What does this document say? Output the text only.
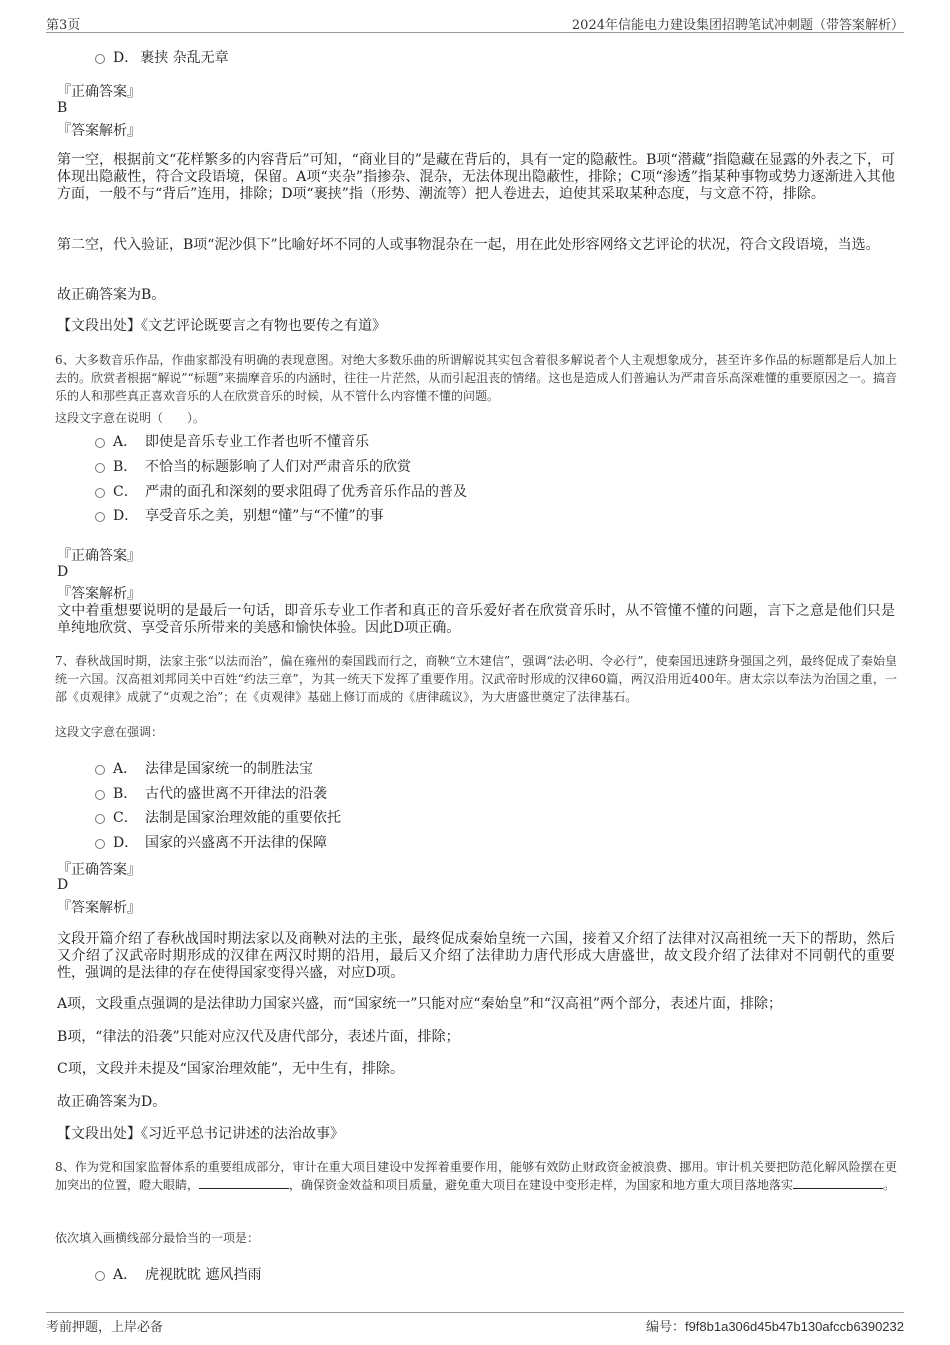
第3页	2024年信能电力建设集团招聘笔试冲刺题（带答案解析）
D． 裹挟 杂乱无章
『正确答案』
B
『答案解析』
第一空，根据前文“花样繁多的内容背后”可知，“商业目的”是藏在背后的，具有一定的隐蔽性。B项“潜藏”指隐藏在显露的外表之下，可体现出隐蔽性，符合文段语境，保留。A项“夹杂”指掺杂、混杂，无法体现出隐蔽性，排除；C项“渗透”指某种事物或势力逐渐进入其他方面，一般不与“背后”连用，排除；D项“裹挟”指（形势、潮流等）把人卷进去，迫使其采取某种态度，与文意不符，排除。
第二空，代入验证，B项“泥沙俱下”比喻好坏不同的人或事物混杂在一起，用在此处形容网络文艺评论的状况，符合文段语境，当选。
故正确答案为B。
【文段出处】《文艺评论既要言之有物也要传之有道》
6、大多数音乐作品，作曲家都没有明确的表现意图。对绝大多数乐曲的所谓解说其实包含着很多解说者个人主观想象成分，甚至许多作品的标题都是后人加上去的。欣赏者根据“解说”“标题”来揣摩音乐的内涵时，往往一片茫然，从而引起沮丧的情绪。这也是造成人们普遍认为严肃音乐高深难懂的重要原因之一。搞音乐的人和那些真正喜欢音乐的人在欣赏音乐的时候，从不管什么内容懂不懂的问题。
这段文字意在说明（　　）。
A． 即使是音乐专业工作者也听不懂音乐
B． 不恰当的标题影响了人们对严肃音乐的欣赏
C． 严肃的面孔和深刻的要求阻碍了优秀音乐作品的普及
D． 享受音乐之美，别想“懂”与“不懂”的事
『正确答案』
D
『答案解析』
文中着重想要说明的是最后一句话，即音乐专业工作者和真正的音乐爱好者在欣赏音乐时，从不管懂不懂的问题，言下之意是他们只是单纯地欣赏、享受音乐所带来的美感和愉快体验。因此D项正确。
7、春秋战国时期，法家主张“以法而治”，偏在雍州的秦国践而行之，商鞅“立木建信”，强调“法必明、令必行”，使秦国迅速跻身强国之列，最终促成了秦始皇统一六国。汉高祖刘邦同关中百姓“约法三章”，为其一统天下发挥了重要作用。汉武帝时形成的汉律60篇，两汉沿用近400年。唐太宗以奉法为治国之重，一部《贞观律》成就了“贞观之治”；在《贞观律》基础上修订而成的《唐律疏议》，为大唐盛世奠定了法律基石。
这段文字意在强调：
A． 法律是国家统一的制胜法宝
B． 古代的盛世离不开律法的沿袭
C． 法制是国家治理效能的重要依托
D． 国家的兴盛离不开法律的保障
『正确答案』
D
『答案解析』
文段开篇介绍了春秋战国时期法家以及商鞅对法的主张，最终促成秦始皇统一六国，接着又介绍了法律对汉高祖统一天下的帮助，然后又介绍了汉武帝时期形成的汉律在两汉时期的沿用，最后又介绍了法律助力唐代形成大唐盛世，故文段介绍了法律对不同朝代的重要性，强调的是法律的存在使得国家变得兴盛，对应D项。
A项，文段重点强调的是法律助力国家兴盛，而“国家统一”只能对应“秦始皇”和“汉高祖”两个部分，表述片面，排除；
B项，“律法的沿袭”只能对应汉代及唐代部分，表述片面，排除；
C项，文段并未提及“国家治理效能”，无中生有，排除。
故正确答案为D。
【文段出处】《习近平总书记讲述的法治故事》
8、作为党和国家监督体系的重要组成部分，审计在重大项目建设中发挥着重要作用，能够有效防止财政资金被浪费、挪用。审计机关要把防范化解风险摆在更加突出的位置，瞪大眼睛，	，确保资金效益和项目质量，避免重大项目在建设中变形走样，为国家和地方重大项目落地落实	。
依次填入画横线部分最恰当的一项是：
A． 虎视眈眈 遮风挡雨
考前押题，上岸必备	编号：f9f8b1a306d45b47b130afccb6390232
